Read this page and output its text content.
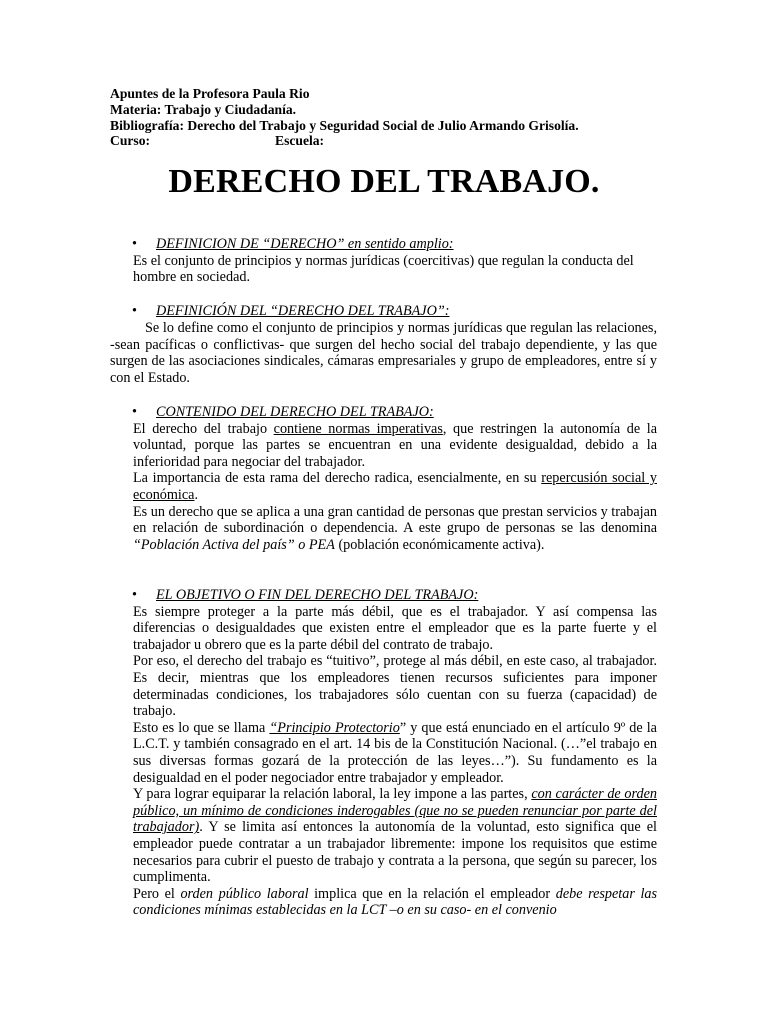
Apuntes de la Profesora Paula Rio
Materia: Trabajo y Ciudadanía.
Bibliografía: Derecho del Trabajo y Seguridad Social de Julio Armando Grisolía.
Curso:	Escuela:
DERECHO DEL TRABAJO.
• DEFINICION DE “DERECHO” en sentido amplio:

Es el conjunto de principios y normas jurídicas (coercitivas) que regulan la conducta del hombre en sociedad.

• DEFINICIÓN DEL “DERECHO DEL TRABAJO”:

Se lo define como el conjunto de principios y normas jurídicas que regulan las relaciones, -sean pacíficas o conflictivas- que surgen del hecho social del trabajo dependiente, y las que surgen de las asociaciones sindicales, cámaras empresariales y grupo de empleadores, entre sí y con el Estado.

• CONTENIDO DEL DERECHO DEL TRABAJO:

El derecho del trabajo contiene normas imperativas, que restringen la autonomía de la voluntad, porque las partes se encuentran en una evidente desigualdad, debido a la inferioridad para negociar del trabajador.

La importancia de esta rama del derecho radica, esencialmente, en su repercusión social y económica.

Es un derecho que se aplica a una gran cantidad de personas que prestan servicios y trabajan en relación de subordinación o dependencia. A este grupo de personas se las denomina “Población Activa del país” o PEA (población económicamente activa).

• EL OBJETIVO O FIN DEL DERECHO DEL TRABAJO:

Es siempre proteger a la parte más débil, que es el trabajador. Y así compensa las diferencias o desigualdades que existen entre el empleador que es la parte fuerte y el trabajador u obrero que es la parte débil del contrato de trabajo.

Por eso, el derecho del trabajo es “tuitivo”, protege al más débil, en este caso, al trabajador. Es decir, mientras que los empleadores tienen recursos suficientes para imponer determinadas condiciones, los trabajadores sólo cuentan con su fuerza (capacidad) de trabajo.

Esto es lo que se llama “Principio Protectorio” y que está enunciado en el artículo 9º de la L.C.T. y también consagrado en el art. 14 bis de la Constitución Nacional. (…”el trabajo en sus diversas formas gozará de la protección de las leyes…”). Su fundamento es la desigualdad en el poder negociador entre trabajador y empleador.

Y para lograr equiparar la relación laboral, la ley impone a las partes, con carácter de orden público, un mínimo de condiciones inderogables (que no se pueden renunciar por parte del trabajador). Y se limita así entonces la autonomía de la voluntad, esto significa que el empleador puede contratar a un trabajador libremente: impone los requisitos que estime necesarios para cubrir el puesto de trabajo y contrata a la persona, que según su parecer, los cumplimenta.

Pero el orden público laboral implica que en la relación el empleador debe respetar las condiciones mínimas establecidas en la LCT –o en su caso- en el convenio
